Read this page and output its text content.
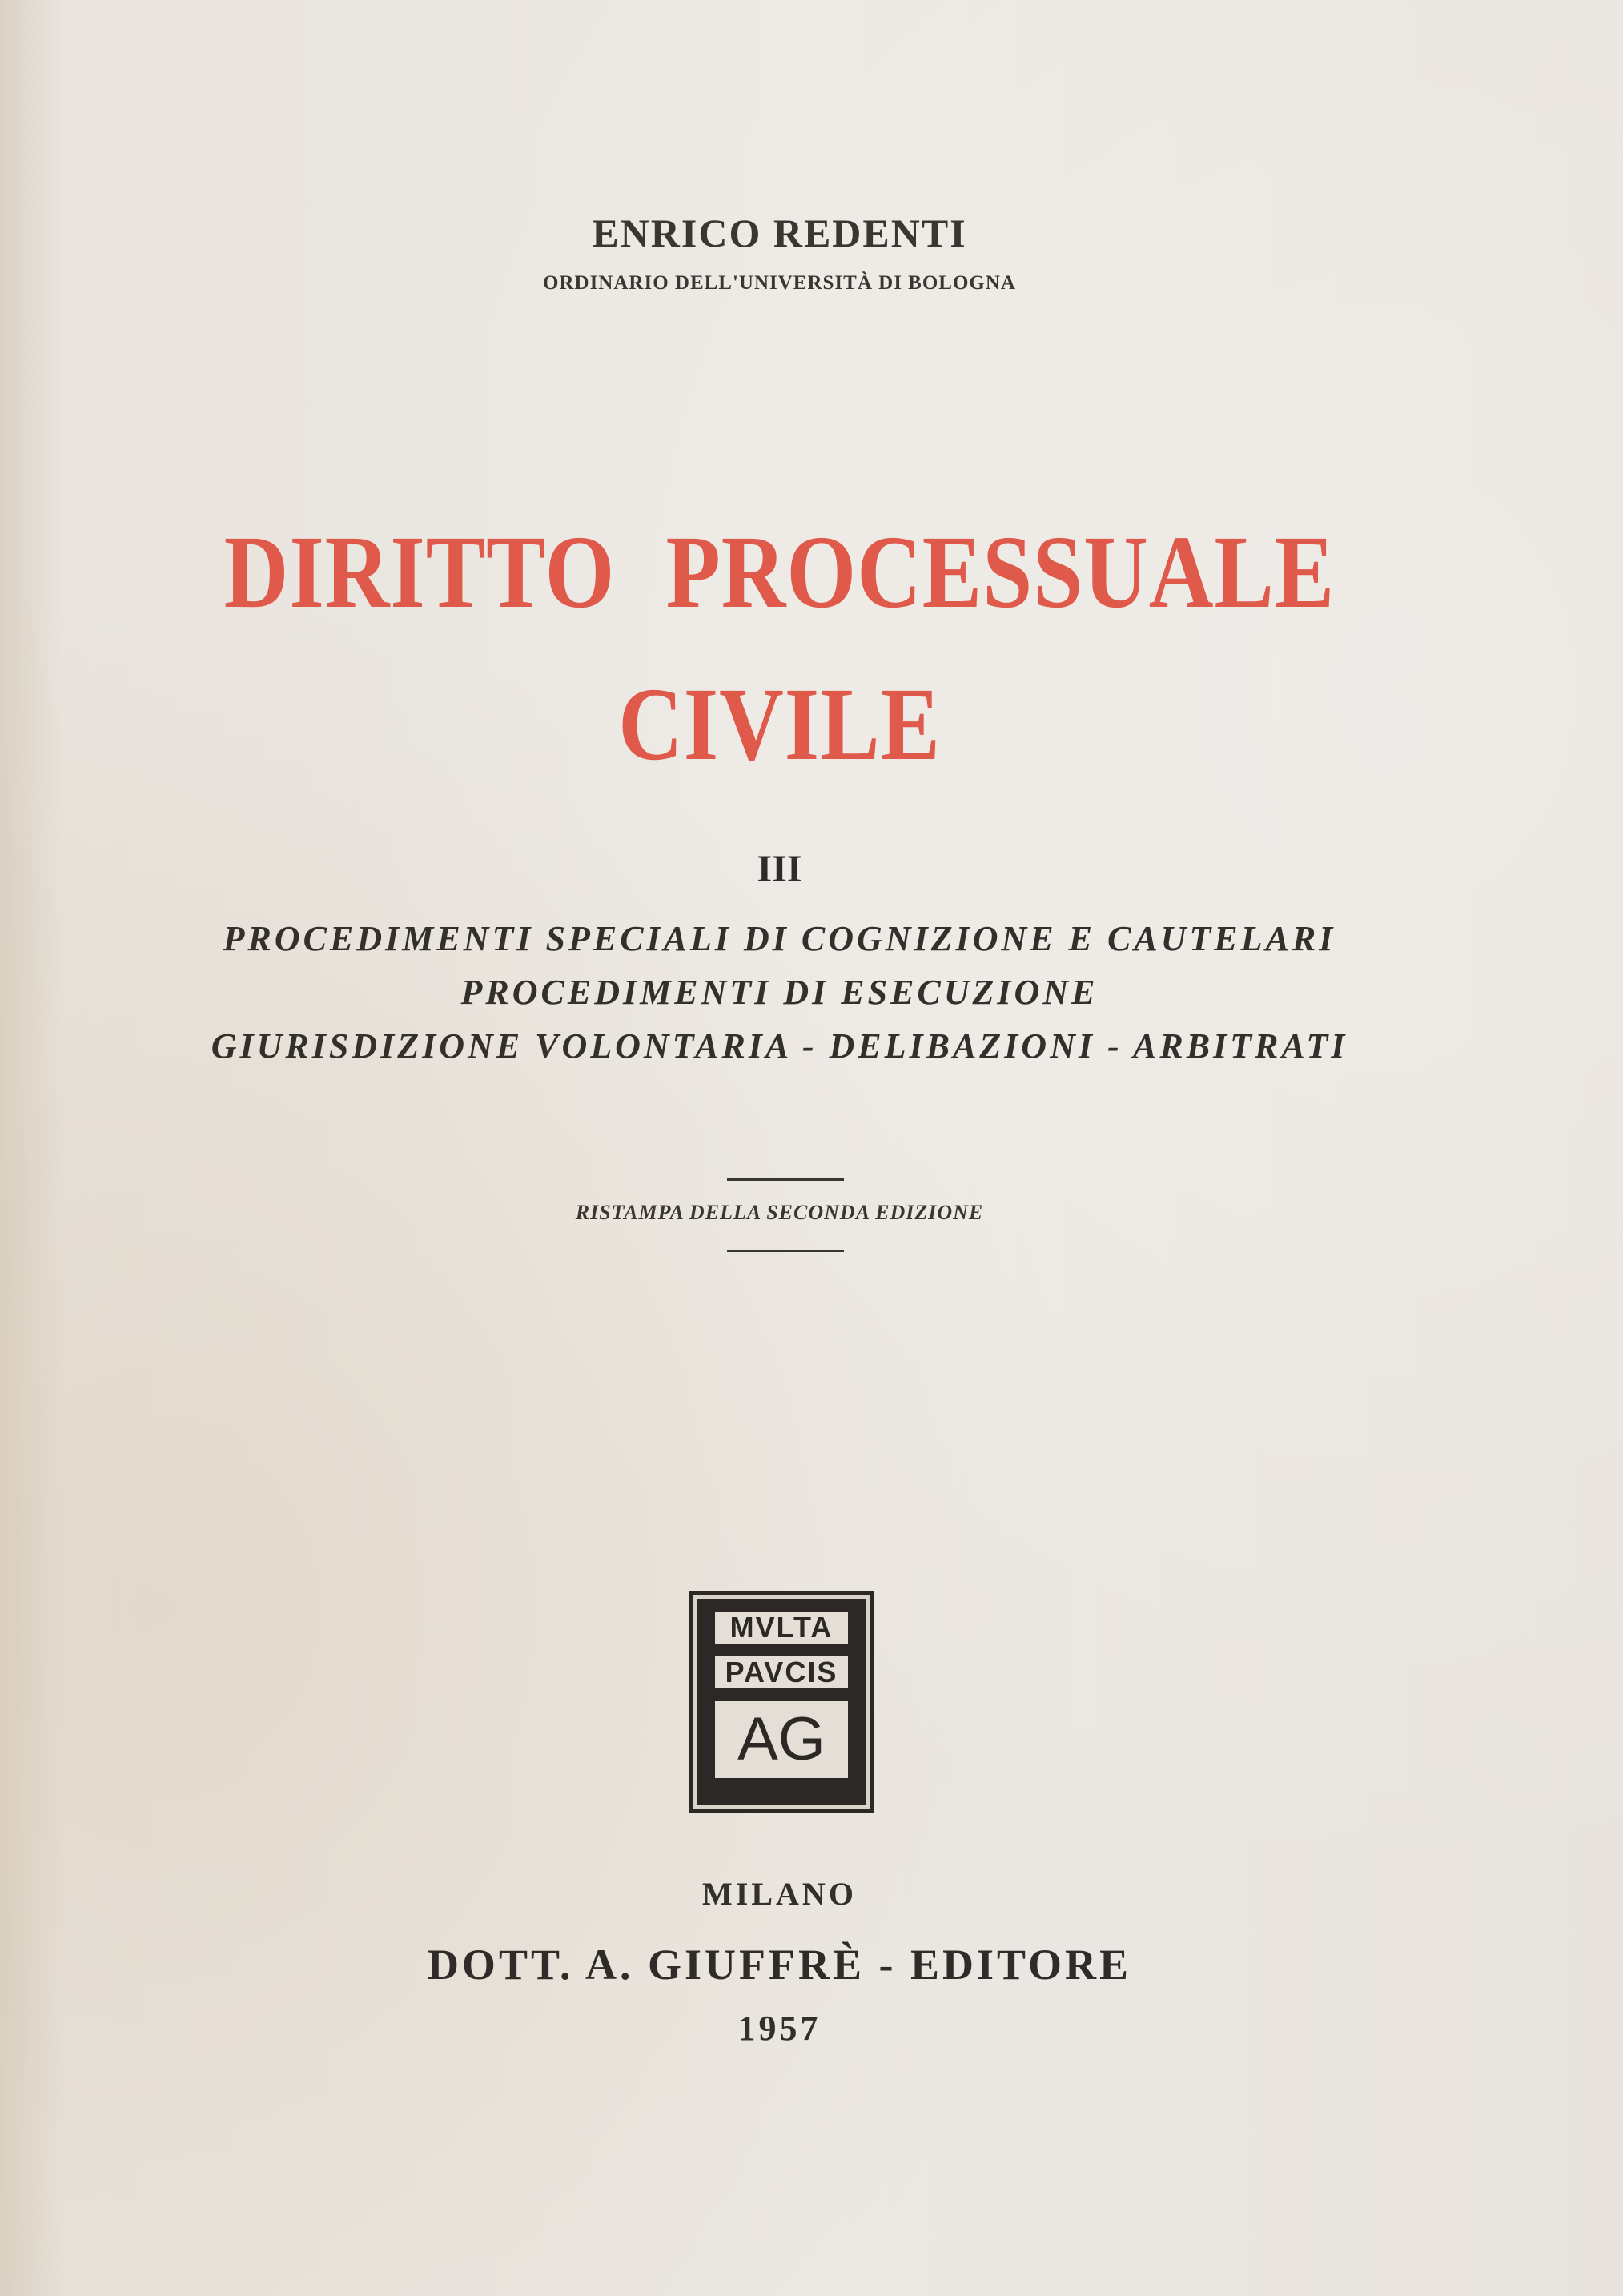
ENRICO REDENTI
ORDINARIO DELL'UNIVERSITÀ DI BOLOGNA
DIRITTO PROCESSUALE
CIVILE
III
PROCEDIMENTI SPECIALI DI COGNIZIONE E CAUTELARI
PROCEDIMENTI DI ESECUZIONE
GIURISDIZIONE VOLONTARIA - DELIBAZIONI - ARBITRATI
RISTAMPA DELLA SECONDA EDIZIONE
MVLTA
PAVCIS
AG
MILANO
DOTT. A. GIUFFRÈ - EDITORE
1957
